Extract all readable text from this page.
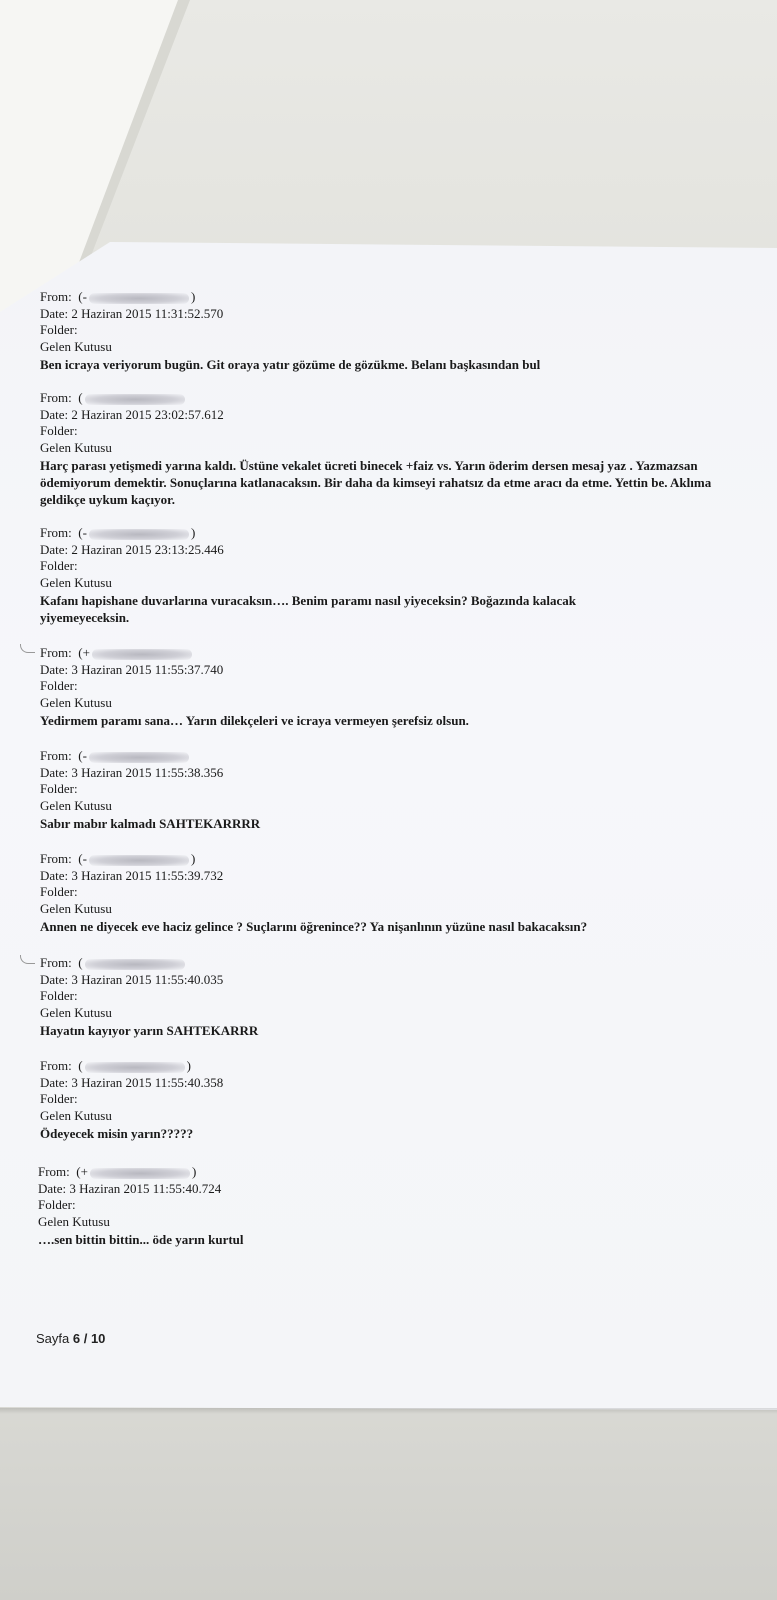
From: (-	)
Date: 2 Haziran 2015 11:31:52.570
Folder:
Gelen Kutusu
Ben icraya veriyorum bugün. Git oraya yatır gözüme de gözükme. Belanı başkasından bul
From: (
Date: 2 Haziran 2015 23:02:57.612
Folder:
Gelen Kutusu
Harç parası yetişmedi yarına kaldı. Üstüne vekalet ücreti binecek +faiz vs. Yarın öderim dersen mesaj yaz . Yazmazsan ödemiyorum demektir. Sonuçlarına katlanacaksın. Bir daha da kimseyi rahatsız da etme aracı da etme. Yettin be. Aklıma geldikçe uykum kaçıyor.
From: (-	)
Date: 2 Haziran 2015 23:13:25.446
Folder:
Gelen Kutusu
Kafanı hapishane duvarlarına vuracaksın…. Benim paramı nasıl yiyeceksin? Boğazında kalacak yiyemeyeceksin.
From: (+
Date: 3 Haziran 2015 11:55:37.740
Folder:
Gelen Kutusu
Yedirmem paramı sana… Yarın dilekçeleri ve icraya vermeyen şerefsiz olsun.
From: (-
Date: 3 Haziran 2015 11:55:38.356
Folder:
Gelen Kutusu
Sabır mabır kalmadı SAHTEKARRRR
From: (-	)
Date: 3 Haziran 2015 11:55:39.732
Folder:
Gelen Kutusu
Annen ne diyecek eve haciz gelince ? Suçlarını öğrenince?? Ya nişanlının yüzüne nasıl bakacaksın?
From: (
Date: 3 Haziran 2015 11:55:40.035
Folder:
Gelen Kutusu
Hayatın kayıyor yarın SAHTEKARRR
From: (	)
Date: 3 Haziran 2015 11:55:40.358
Folder:
Gelen Kutusu
Ödeyecek misin yarın?????
From: (+	)
Date: 3 Haziran 2015 11:55:40.724
Folder:
Gelen Kutusu
….sen bittin bittin... öde yarın kurtul
Sayfa 6 / 10
